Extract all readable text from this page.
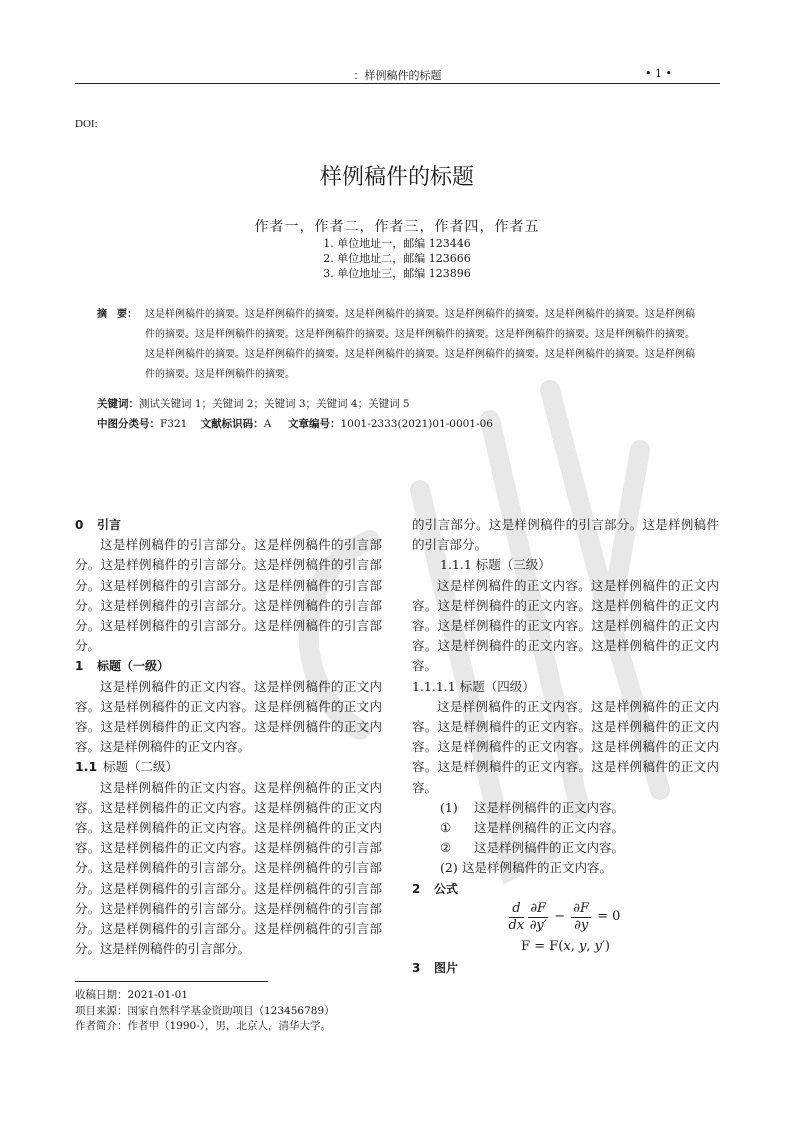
：样例稿件的标题	• 1 •
DOI:
样例稿件的标题
作者一，作者二，作者三，作者四，作者五
1. 单位地址一，邮编 123446
2. 单位地址二，邮编 123666
3. 单位地址三，邮编 123896
摘　要： 这是样例稿件的摘要。这是样例稿件的摘要。这是样例稿件的摘要。这是样例稿件的摘要。这是样例稿件的摘要。这是样例稿件的摘要。这是样例稿件的摘要。这是样例稿件的摘要。这是样例稿件的摘要。这是样例稿件的摘要。这是样例稿件的摘要。这是样例稿件的摘要。这是样例稿件的摘要。这是样例稿件的摘要。这是样例稿件的摘要。这是样例稿件的摘要。这是样例稿件的摘要。这是样例稿件的摘要。
关键词：测试关键词 1；关键词 2；关键词 3；关键词 4；关键词 5
中图分类号：F321 文献标识码：A 文章编号：1001-2333(2021)01-0001-06
0 引言

这是样例稿件的引言部分。这是样例稿件的引言部分。这是样例稿件的引言部分。这是样例稿件的引言部分。这是样例稿件的引言部分。这是样例稿件的引言部分。这是样例稿件的引言部分。这是样例稿件的引言部分。这是样例稿件的引言部分。这是样例稿件的引言部分。

1 标题（一级）

这是样例稿件的正文内容。这是样例稿件的正文内容。这是样例稿件的正文内容。这是样例稿件的正文内容。这是样例稿件的正文内容。这是样例稿件的正文内容。这是样例稿件的正文内容。

1.1 标题（二级）

这是样例稿件的正文内容。这是样例稿件的正文内容。这是样例稿件的正文内容。这是样例稿件的正文内容。这是样例稿件的正文内容。这是样例稿件的正文内容。这是样例稿件的正文内容。这是样例稿件的引言部分。这是样例稿件的引言部分。这是样例稿件的引言部分。这是样例稿件的引言部分。这是样例稿件的引言部分。这是样例稿件的引言部分。这是样例稿件的引言部分。这是样例稿件的引言部分。这是样例稿件的引言部分。这是样例稿件的引言部分。

的引言部分。这是样例稿件的引言部分。这是样例稿件的引言部分。

1.1.1 标题（三级）

这是样例稿件的正文内容。这是样例稿件的正文内容。这是样例稿件的正文内容。这是样例稿件的正文内容。这是样例稿件的正文内容。这是样例稿件的正文内容。这是样例稿件的正文内容。这是样例稿件的正文内容。

1.1.1.1 标题（四级）

这是样例稿件的正文内容。这是样例稿件的正文内容。这是样例稿件的正文内容。这是样例稿件的正文内容。这是样例稿件的正文内容。这是样例稿件的正文内容。这是样例稿件的正文内容。这是样例稿件的正文内容。

(1) 这是样例稿件的正文内容。
① 这是样例稿件的正文内容。
② 这是样例稿件的正文内容。
(2) 这是样例稿件的正文内容。
2 公式
$\frac{d}{dx}$
$\frac{\partial F}{\partial y'} - \frac{\partial F}{\partial y} = 0$
F = F(x, y, y′)
3 图片
收稿日期：2021-01-01
项目来源：国家自然科学基金资助项目（123456789）
作者简介：作者甲（1990-），男，北京人，清华大学。
